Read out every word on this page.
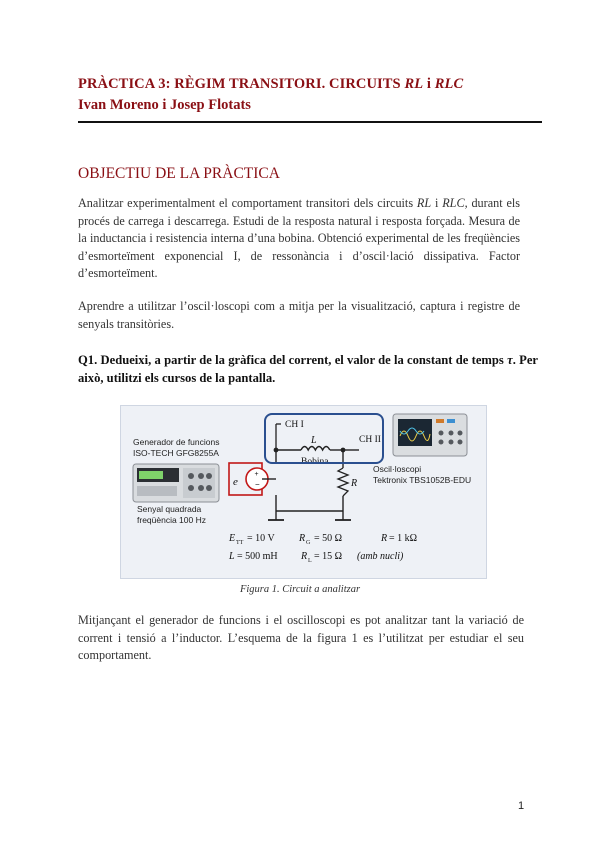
PRÀCTICA 3: RÈGIM TRANSITORI. CIRCUITS RL i RLC
Ivan Moreno i Josep Flotats
OBJECTIU DE LA PRÀCTICA
Analitzar experimentalment el comportament transitori dels circuits RL i RLC, durant els procés de carrega i descarrega. Estudi de la resposta natural i resposta forçada. Mesura de la inductancia i resistencia interna d’una bobina. Obtenció experimental de les freqüències d’esmorteïment exponencial I, de ressonància i d’oscil·lació dissipativa. Factor d’esmorteïment.
Aprendre a utilitzar l’oscil·loscopi com a mitja per la visualització, captura i registre de senyals transitòries.
Q1. Dedueixi, a partir de la gràfica del corrent, el valor de la constant de temps τ. Per això, utilitzi els cursos de la pantalla.
Generador de funcions
ISO-TECH GFG8255A
Senyal quadrada
freqüència 100 Hz
+
−
e
L
Bobina
R
CH I
CH II
Oscil·loscopi
Tektronix TBS1052B-EDU
E TT = 10 V R G = 50 Ω	R = 1 kΩ
L = 500 mH R L = 15 Ω (amb nucli)
Figura 1. Circuit a analitzar
Mitjançant el generador de funcions i el oscilloscopi es pot analitzar tant la variació de corrent i tensió a l’inductor. L’esquema de la figura 1 es l’utilitzat per estudiar el seu comportament.
1
